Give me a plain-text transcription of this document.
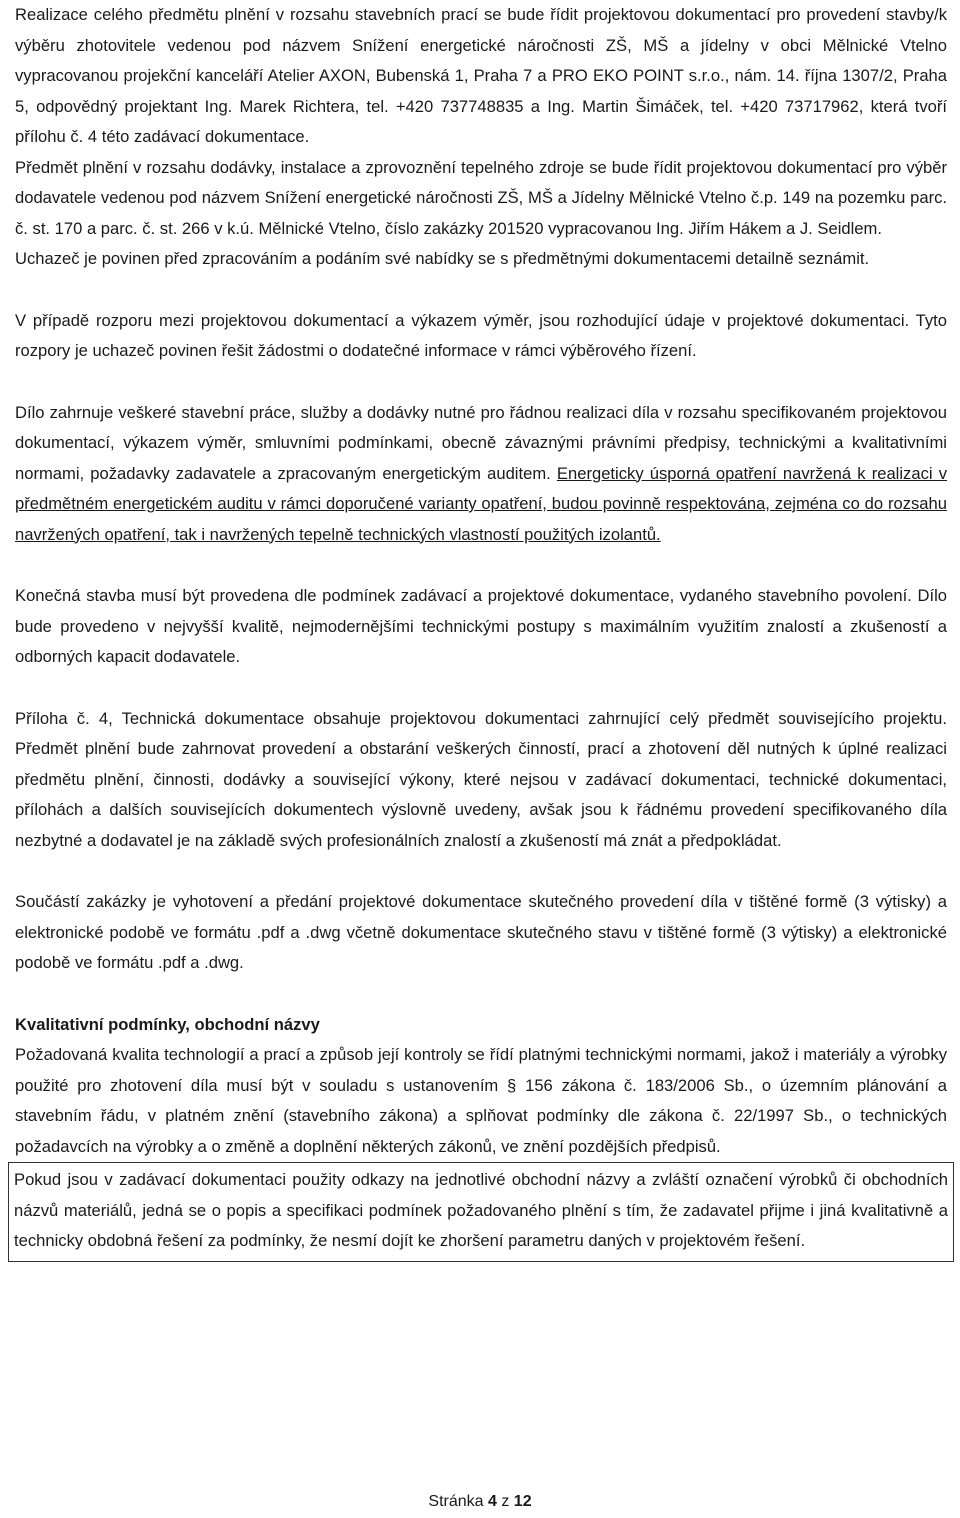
Realizace celého předmětu plnění v rozsahu stavebních prací se bude řídit projektovou dokumentací pro provedení stavby/k výběru zhotovitele vedenou pod názvem Snížení energetické náročnosti ZŠ, MŠ a jídelny v obci Mělnické Vtelno vypracovanou projekční kanceláří Atelier AXON, Bubenská 1, Praha 7 a PRO EKO POINT s.r.o., nám. 14. října 1307/2, Praha 5, odpovědný projektant Ing. Marek Richtera, tel. +420 737748835 a Ing. Martin Šimáček, tel. +420 73717962, která tvoří přílohu č. 4 této zadávací dokumentace.

Předmět plnění v rozsahu dodávky, instalace a zprovoznění tepelného zdroje se bude řídit projektovou dokumentací pro výběr dodavatele vedenou pod názvem Snížení energetické náročnosti ZŠ, MŠ a Jídelny Mělnické Vtelno č.p. 149 na pozemku parc. č. st. 170 a parc. č. st. 266 v k.ú. Mělnické Vtelno, číslo zakázky 201520 vypracovanou Ing. Jiřím Hákem a J. Seidlem.

Uchazeč je povinen před zpracováním a podáním své nabídky se s předmětnými dokumentacemi detailně seznámit.

V případě rozporu mezi projektovou dokumentací a výkazem výměr, jsou rozhodující údaje v projektové dokumentaci. Tyto rozpory je uchazeč povinen řešit žádostmi o dodatečné informace v rámci výběrového řízení.

Dílo zahrnuje veškeré stavební práce, služby a dodávky nutné pro řádnou realizaci díla v rozsahu specifikovaném projektovou dokumentací, výkazem výměr, smluvními podmínkami, obecně závaznými právními předpisy, technickými a kvalitativními normami, požadavky zadavatele a zpracovaným energetickým auditem. Energeticky úsporná opatření navržená k realizaci v předmětném energetickém auditu v rámci doporučené varianty opatření, budou povinně respektována, zejména co do rozsahu navržených opatření, tak i navržených tepelně technických vlastností použitých izolantů.

Konečná stavba musí být provedena dle podmínek zadávací a projektové dokumentace, vydaného stavebního povolení. Dílo bude provedeno v nejvyšší kvalitě, nejmodernějšími technickými postupy s maximálním využitím znalostí a zkušeností a odborných kapacit dodavatele.

Příloha č. 4, Technická dokumentace obsahuje projektovou dokumentaci zahrnující celý předmět souvisejícího projektu. Předmět plnění bude zahrnovat provedení a obstarání veškerých činností, prací a zhotovení děl nutných k úplné realizaci předmětu plnění, činnosti, dodávky a související výkony, které nejsou v zadávací dokumentaci, technické dokumentaci, přílohách a dalších souvisejících dokumentech výslovně uvedeny, avšak jsou k řádnému provedení specifikovaného díla nezbytné a dodavatel je na základě svých profesionálních znalostí a zkušeností má znát a předpokládat.

Součástí zakázky je vyhotovení a předání projektové dokumentace skutečného provedení díla v tištěné formě (3 výtisky) a elektronické podobě ve formátu .pdf a .dwg včetně dokumentace skutečného stavu v tištěné formě (3 výtisky) a elektronické podobě ve formátu .pdf a .dwg.

Kvalitativní podmínky, obchodní názvy

Požadovaná kvalita technologií a prací a způsob její kontroly se řídí platnými technickými normami, jakož i materiály a výrobky použité pro zhotovení díla musí být v souladu s ustanovením § 156 zákona č. 183/2006 Sb., o územním plánování a stavebním řádu, v platném znění (stavebního zákona) a splňovat podmínky dle zákona č. 22/1997 Sb., o technických požadavcích na výrobky a o změně a doplnění některých zákonů, ve znění pozdějších předpisů.

Pokud jsou v zadávací dokumentaci použity odkazy na jednotlivé obchodní názvy a zvláští označení výrobků či obchodních názvů materiálů, jedná se o popis a specifikaci podmínek požadovaného plnění s tím, že zadavatel přijme i jiná kvalitativně a technicky obdobná řešení za podmínky, že nesmí dojít ke zhoršení parametru daných v projektovém řešení.

Stránka 4 z 12
